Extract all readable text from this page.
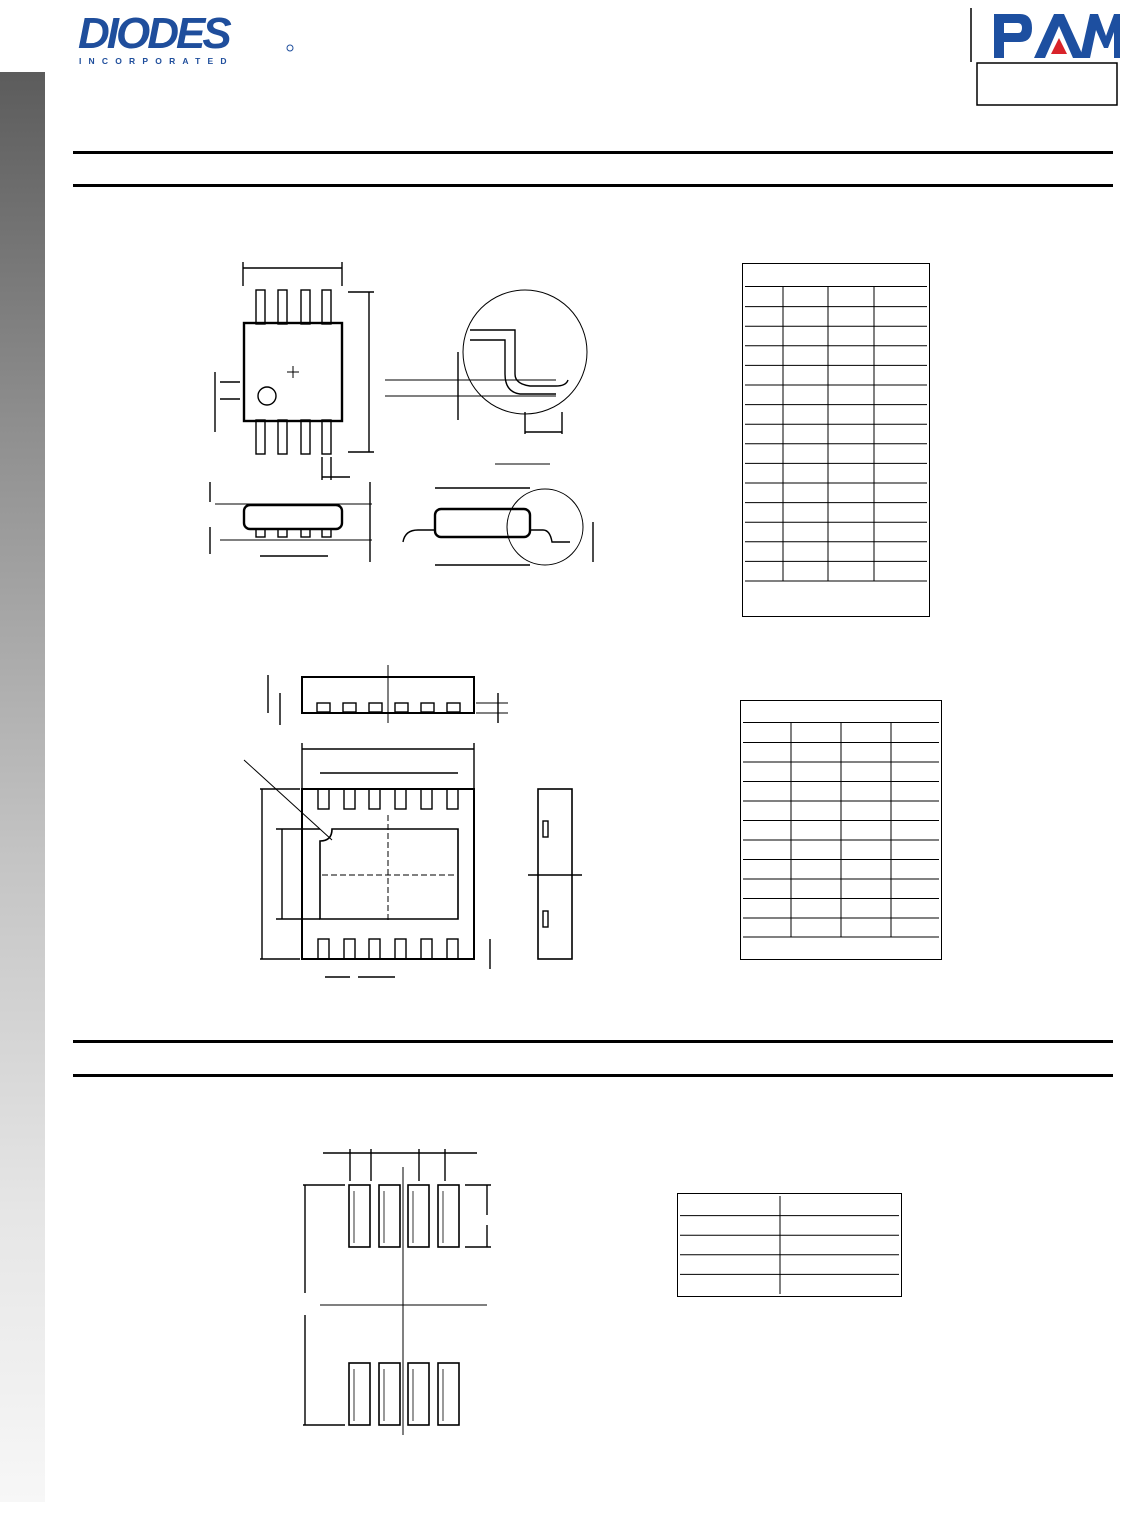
DIODES
INCORPORATED
